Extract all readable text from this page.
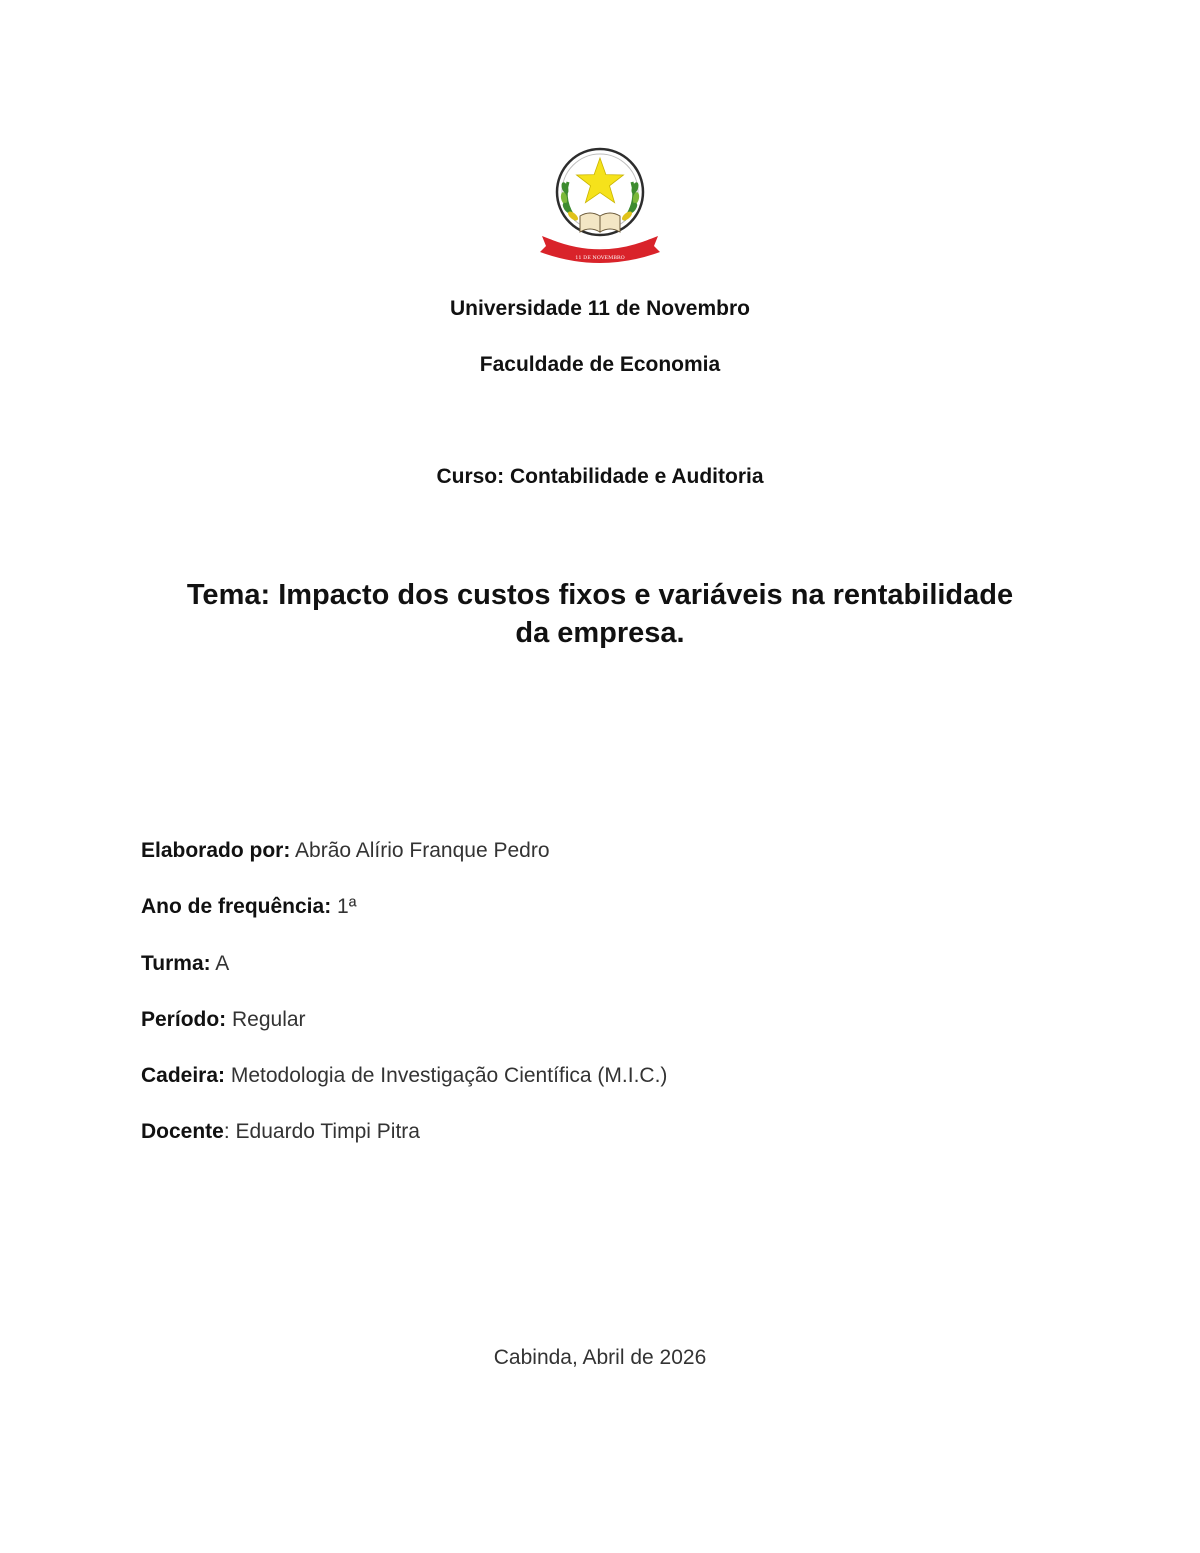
UNIVERSIDADE
11 DE NOVEMBRO

Universidade 11 de Novembro

Faculdade de Economia

Curso: Contabilidade e Auditoria

Tema: Impacto dos custos fixos e variáveis na rentabilidade
da empresa.

Elaborado por: Abrão Alírio Franque Pedro

Ano de frequência: 1ª

Turma: A

Período: Regular

Cadeira: Metodologia de Investigação Científica (M.I.C.)

Docente: Eduardo Timpi Pitra

Cabinda, Abril de 2026
